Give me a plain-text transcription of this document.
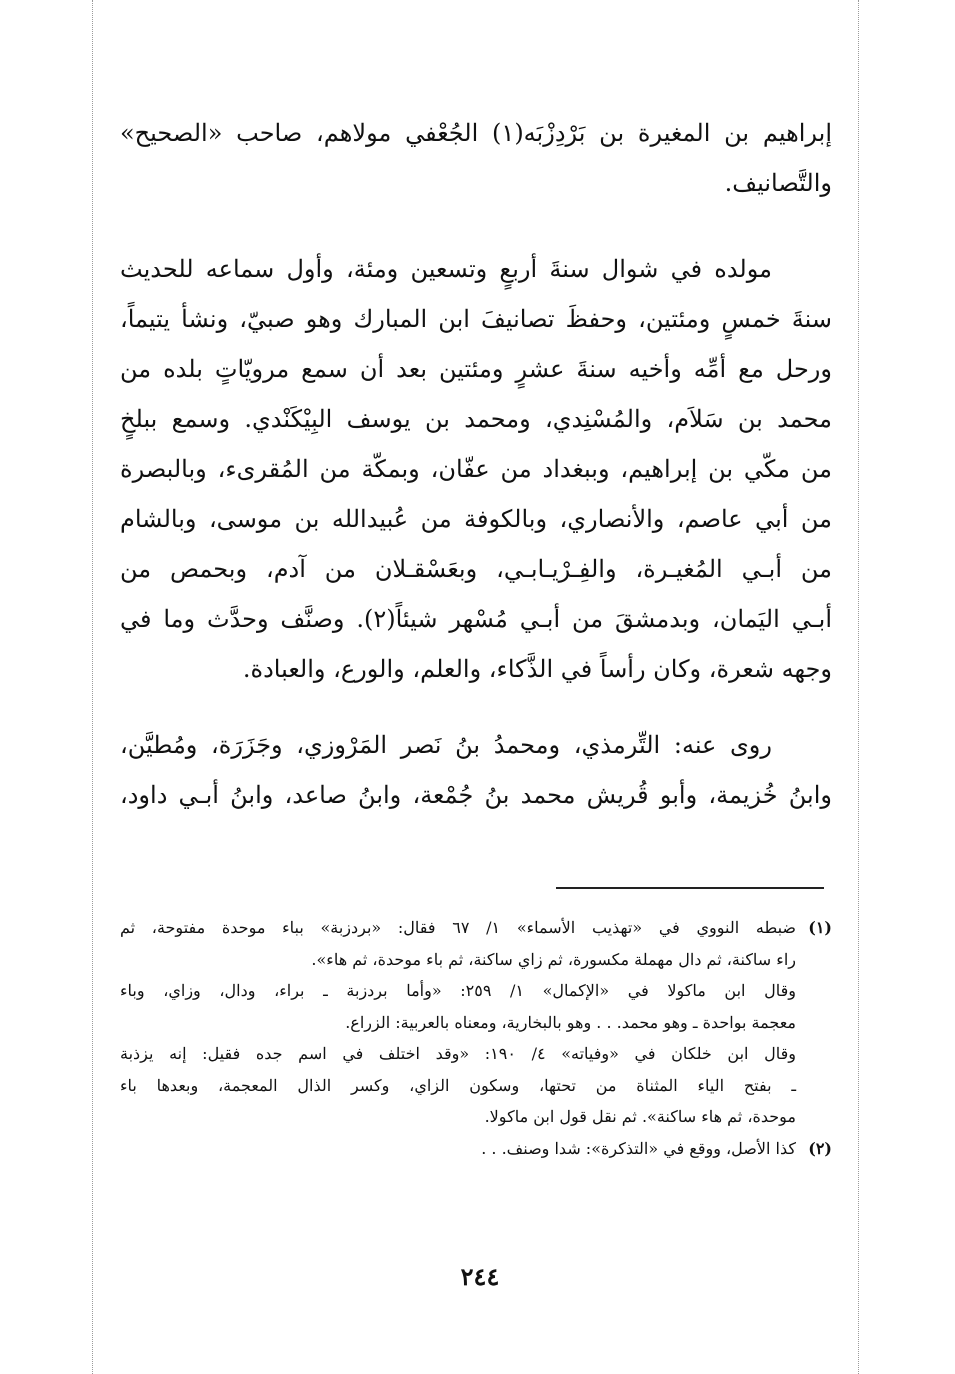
إبراهيم بن المغيرة بن بَرْدِزْبَه(١) الجُعْفي مولاهم، صاحب «الصحيح»
والتَّصانيف.
مولده في شوال سنةَ أربعٍ وتسعين ومئة، وأول سماعه للحديث
سنةَ خمسٍ ومئتين، وحفظَ تصانيفَ ابن المبارك وهو صبيّ، ونشأ يتيماً،
ورحل مع أمِّه وأخيه سنةَ عشرٍ ومئتين بعد أن سمع مرويّاتٍ بلده من
محمد بن سَلاَم، والمُسْنِدي، ومحمد بن يوسف البِيْكَنْدي. وسمع ببلخٍ
من مكّي بن إبراهيم، وببغداد من عفّان، وبمكّة من المُقرىء، وبالبصرة
من أبي عاصم، والأنصاري، وبالكوفة من عُبيدالله بن موسى، وبالشام
من أبـي المُغيـرة، والفِـرْيـابـي، وبعَسْقـلان من آدم، وبحمص من
أبـي اليَمان، وبدمشقَ من أبـي مُسْهر شيئاً(٢). وصنَّف وحدَّث وما في
وجهه شعرة، وكان رأساً في الذَّكاء، والعلم، والورع، والعبادة.
روى عنه: التِّرمذي، ومحمدُ بنُ نَصر المَرْوزي، وجَزَرَة، ومُطيَّن،
وابنُ خُزيمة، وأبو قُريش محمد بنُ جُمْعة، وابنُ صاعد، وابنُ أبـي داود،
(١)ضبطه النووي في «تهذيب الأسماء» ١/ ٦٧ فقال: «بردزبة» بباء موحدة مفتوحة، ثم
راء ساكنة، ثم دال مهملة مكسورة، ثم زاي ساكنة، ثم باء موحدة، ثم هاء».
وقال ابن ماكولا في «الإكمال» ١/ ٢٥٩: «وأما بردزبة ـ براء، ودال، وزاي، وباء
معجمة بواحدة ـ وهو محمد. . . وهو بالبخارية، ومعناه بالعربية: الزراع.
وقال ابن خلكان في «وفياته» ٤/ ١٩٠: «وقد اختلف في اسم جده فقيل: إنه يزذبة
ـ بفتح الياء المثناة من تحتها، وسكون الزاي، وكسر الذال المعجمة، وبعدها باء
موحدة، ثم هاء ساكنة». ثم نقل قول ابن ماكولا.
(٢)كذا الأصل، ووقع في «التذكرة»: شدا وصنف. . .
٢٤٤
